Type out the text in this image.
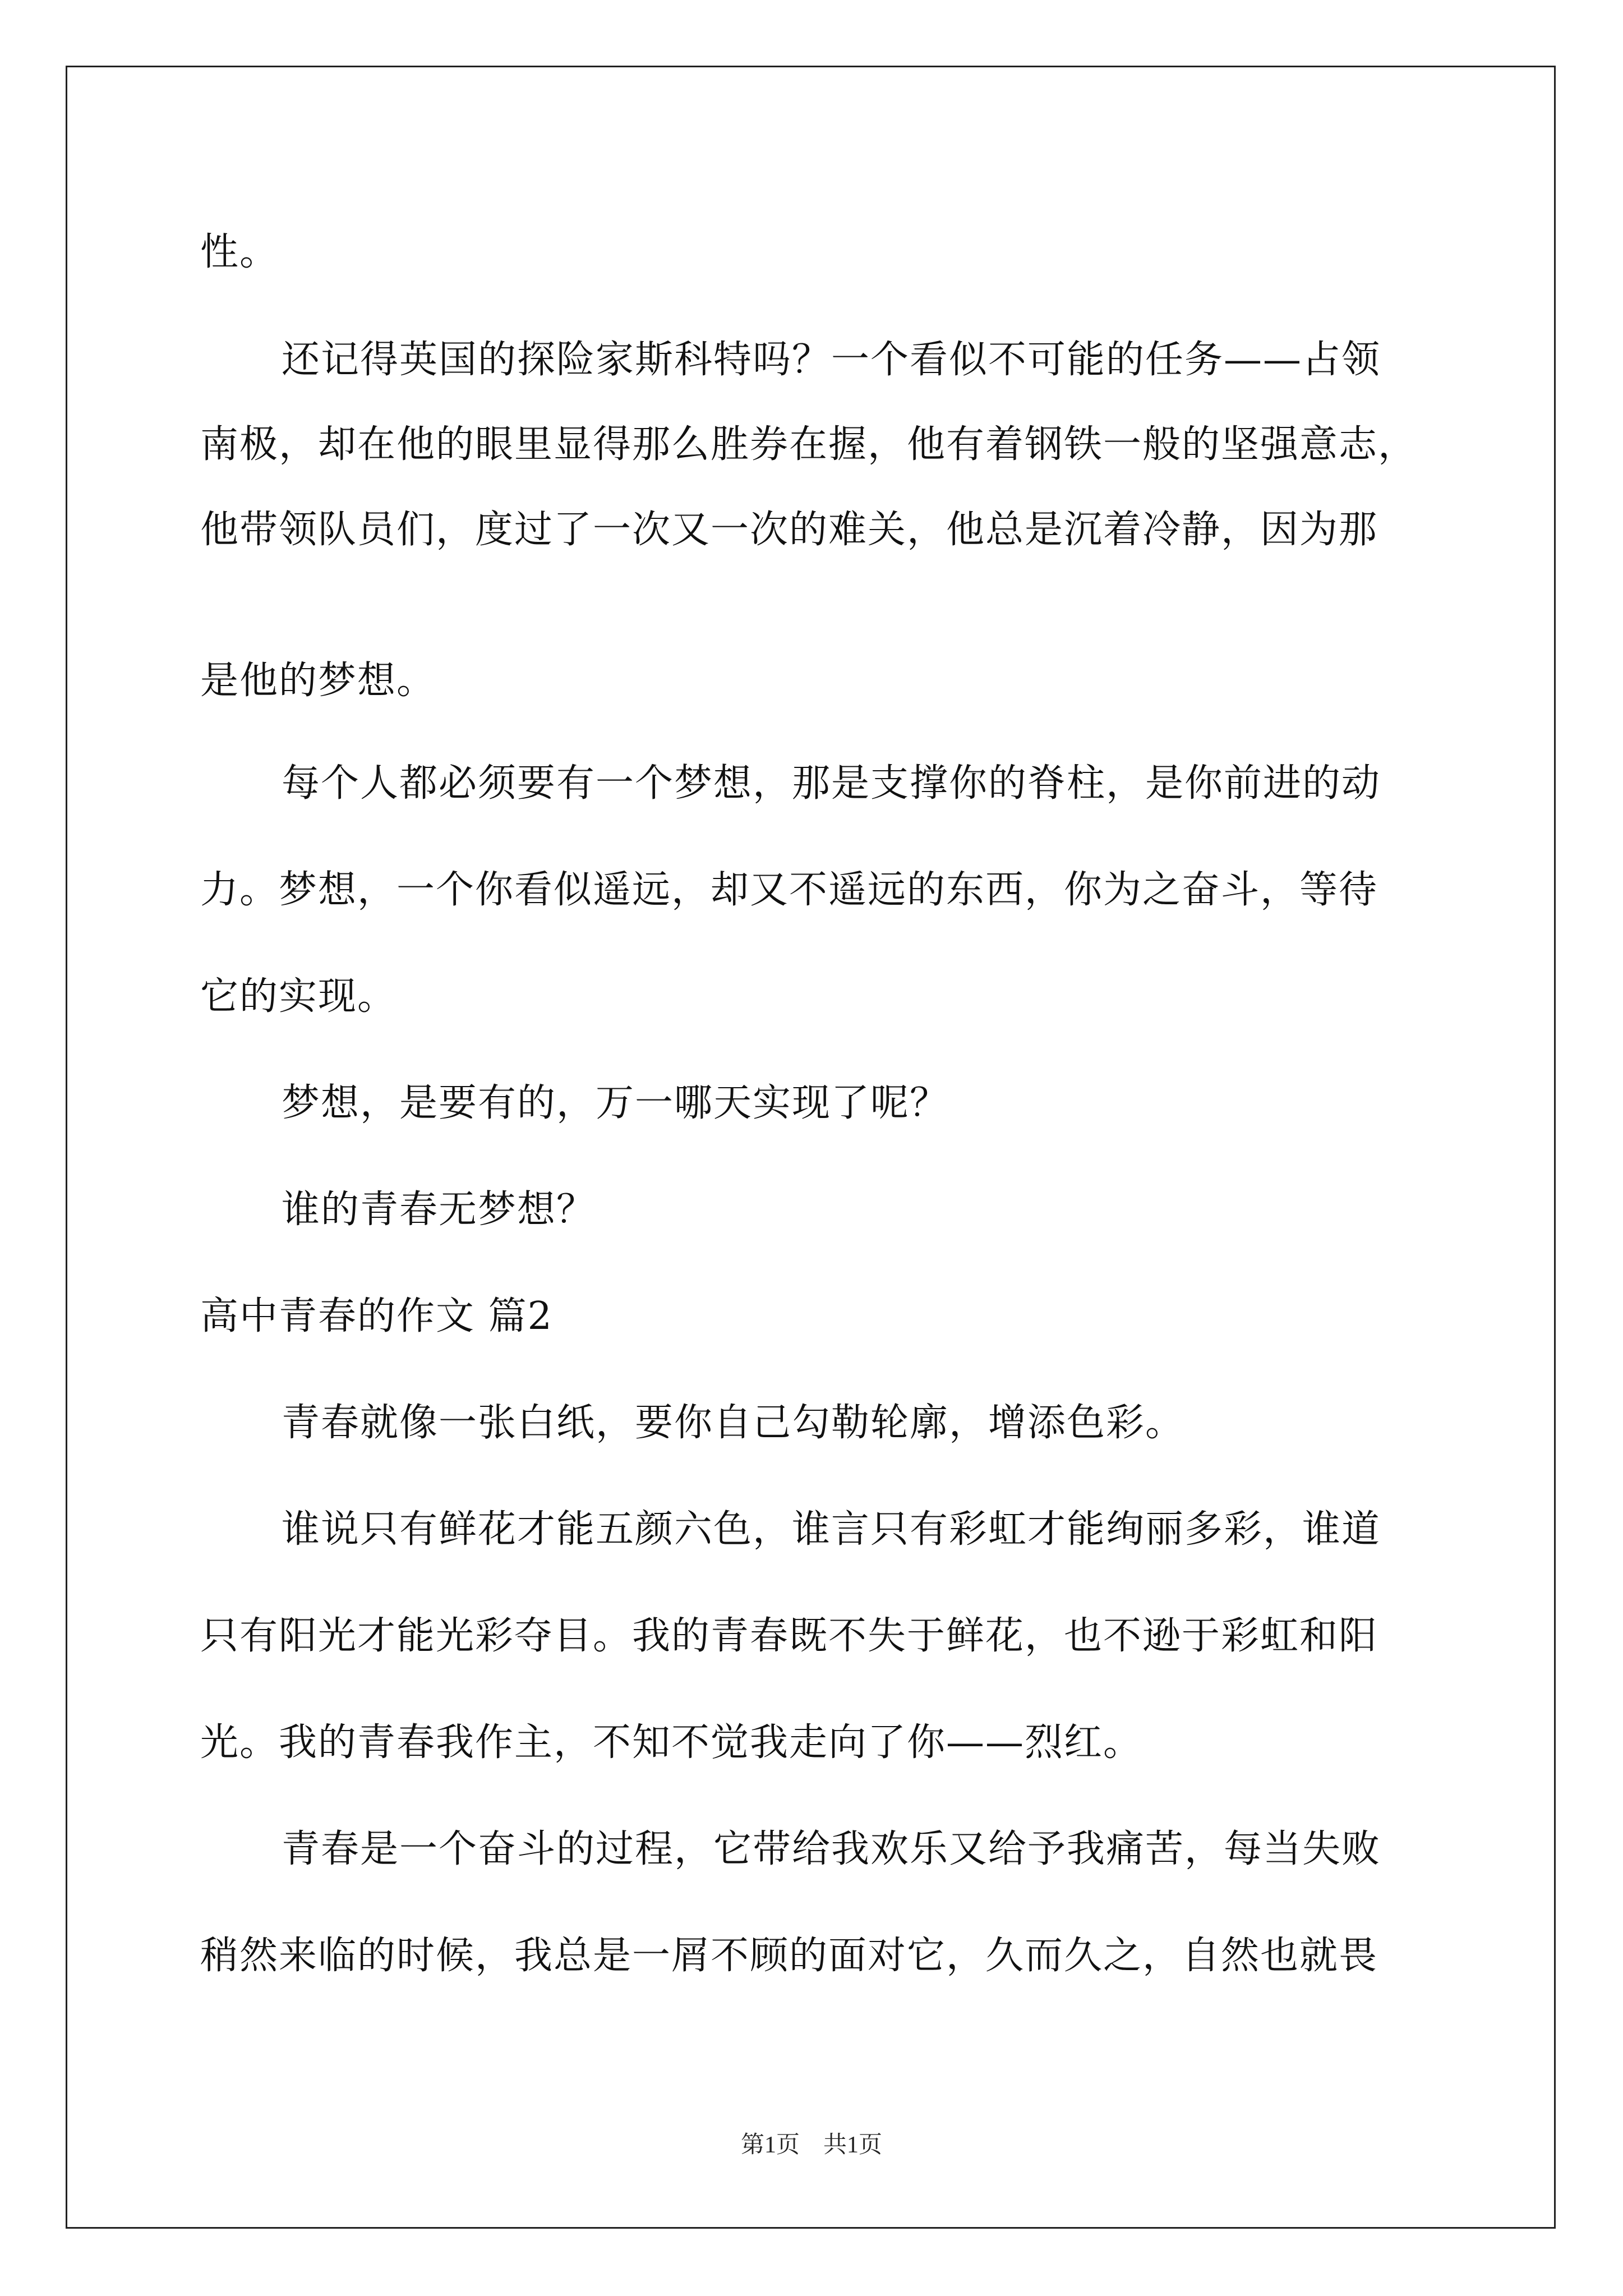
性。
还记得英国的探险家斯科特吗？一个看似不可能的任务——占领
南极，却在他的眼里显得那么胜券在握，他有着钢铁一般的坚强意志，
他带领队员们，度过了一次又一次的难关，他总是沉着冷静，因为那
是他的梦想。
每个人都必须要有一个梦想，那是支撑你的脊柱，是你前进的动
力。梦想，一个你看似遥远，却又不遥远的东西，你为之奋斗，等待
它的实现。
梦想，是要有的，万一哪天实现了呢？
谁的青春无梦想？
高中青春的作文 篇2
青春就像一张白纸，要你自己勾勒轮廓，增添色彩。
谁说只有鲜花才能五颜六色，谁言只有彩虹才能绚丽多彩，谁道
只有阳光才能光彩夺目。我的青春既不失于鲜花，也不逊于彩虹和阳
光。我的青春我作主，不知不觉我走向了你——烈红。
青春是一个奋斗的过程，它带给我欢乐又给予我痛苦，每当失败
稍然来临的时候，我总是一屑不顾的面对它，久而久之，自然也就畏
第1页　共1页
